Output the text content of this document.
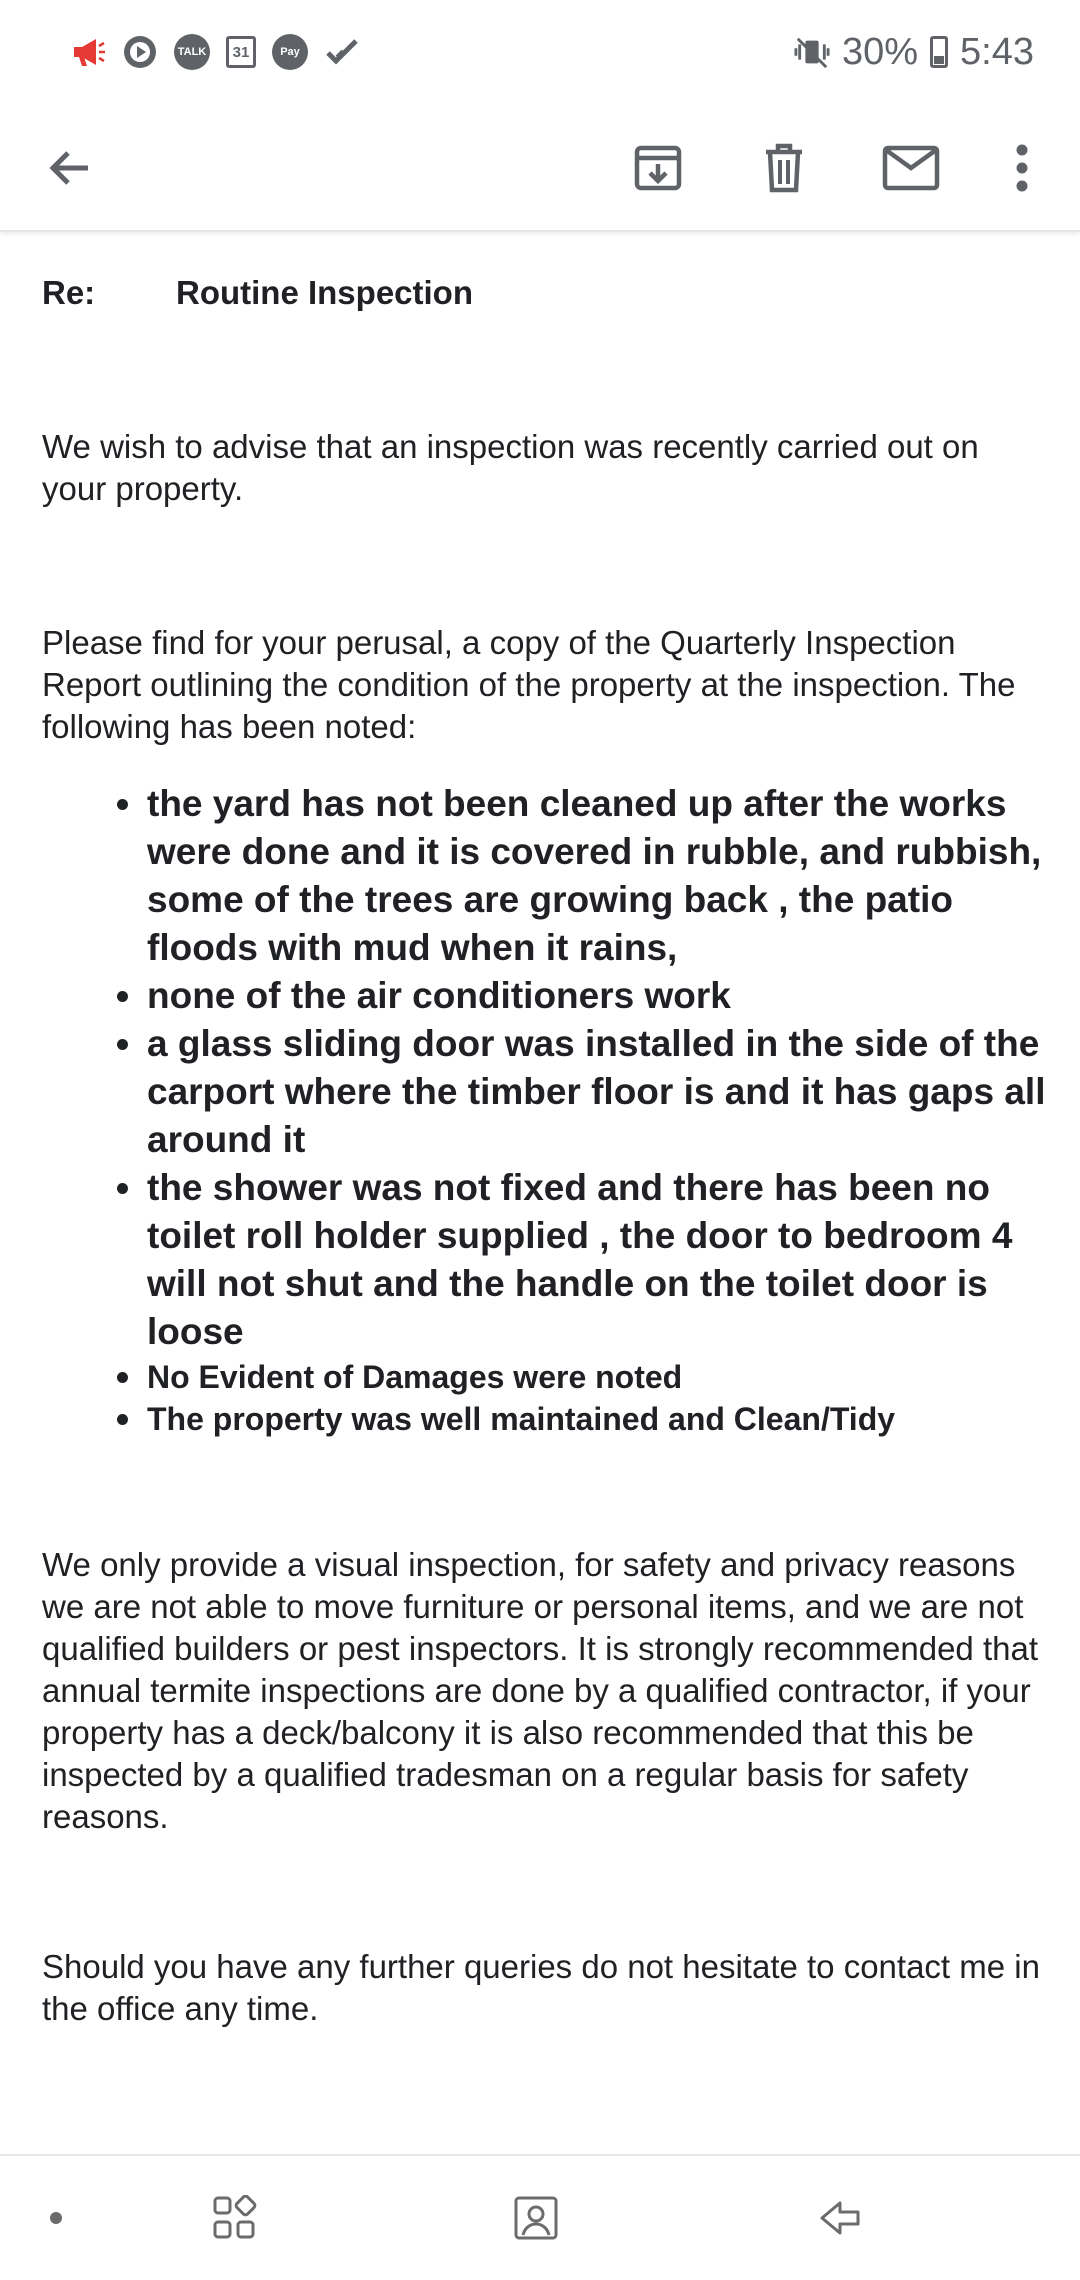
TALK	31	Pay	30% 5:43
Re:	Routine Inspection

We wish to advise that an inspection was recently carried out on your property.

Please find for your perusal, a copy of the Quarterly Inspection Report outlining the condition of the property at the inspection. The following has been noted:

the yard has not been cleaned up after the works were done and it is covered in rubble, and rubbish, some of the trees are growing back , the patio floods with mud when it rains,
none of the air conditioners work
a glass sliding door was installed in the side of the carport where the timber floor is and it has gaps all around it
the shower was not fixed and there has been no toilet roll holder supplied , the door to bedroom 4 will not shut and the handle on the toilet door is loose
No Evident of Damages were noted
The property was well maintained and Clean/Tidy

We only provide a visual inspection, for safety and privacy reasons we are not able to move furniture or personal items, and we are not qualified builders or pest inspectors. It is strongly recommended that annual termite inspections are done by a qualified contractor, if your property has a deck/balcony it is also recommended that this be inspected by a qualified tradesman on a regular basis for safety reasons.

Should you have any further queries do not hesitate to contact me in the office any time.
